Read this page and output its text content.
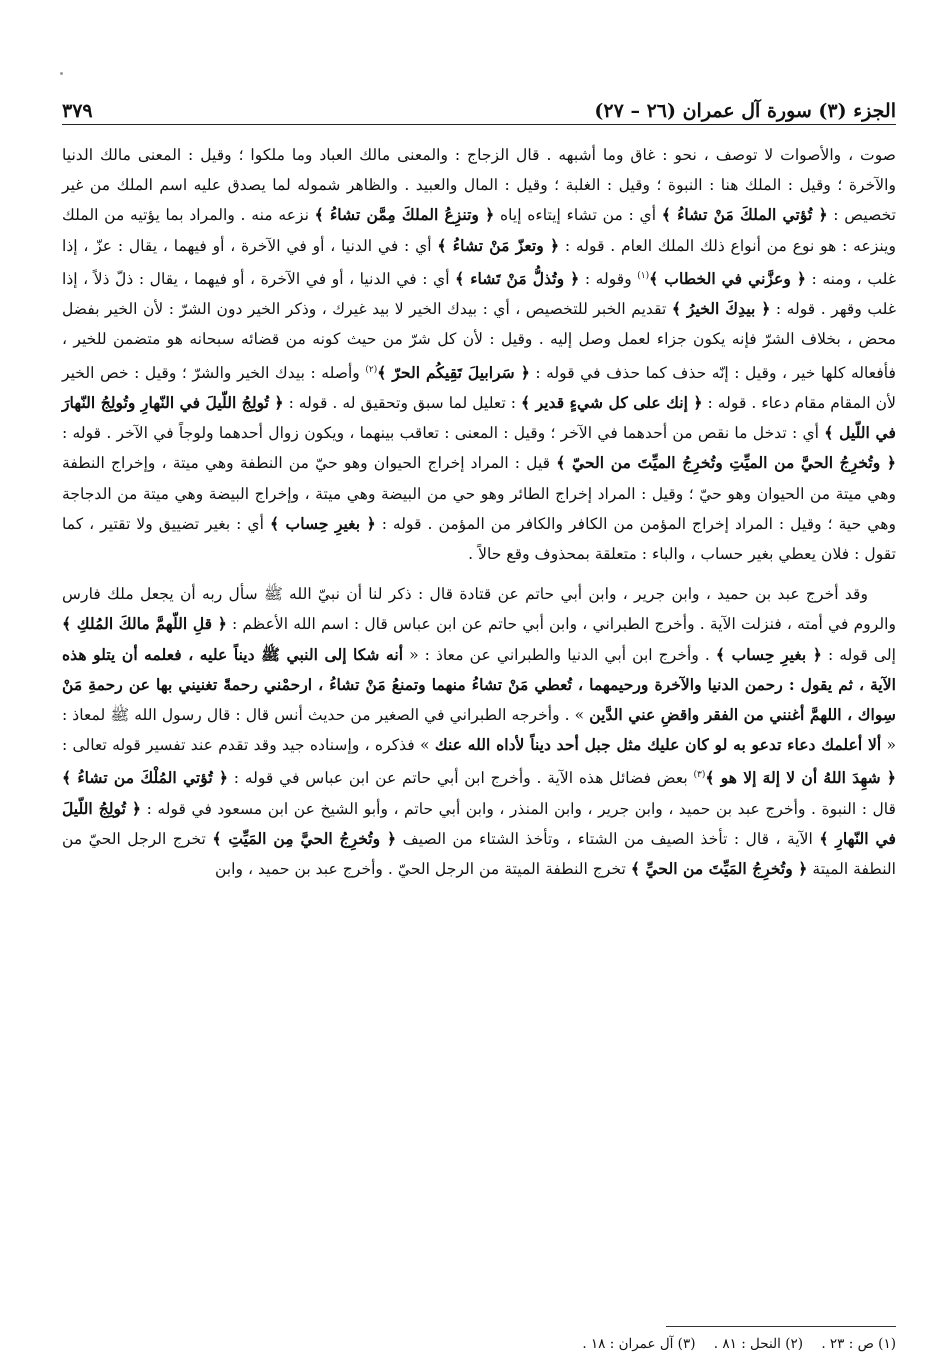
الجزء (٣) سورة آل عمران (٢٦ – ٢٧)
٣٧٩

صوت ، والأصوات لا توصف ، نحو : غاق وما أشبهه . قال الزجاج : والمعنى مالك العباد وما ملكوا ؛ وقيل : المعنى مالك الدنيا والآخرة ؛ وقيل : الملك هنا : النبوة ؛ وقيل : الغلبة ؛ وقيل : المال والعبيد . والظاهر شموله لما يصدق عليه اسم الملك من غير تخصيص : ﴿ تُؤتي الملكَ مَنْ تشاءُ ﴾ أي : من تشاء إيتاءه إياه ﴿ وتنزِعُ الملكَ مِمَّن تشاءُ ﴾ نزعه منه . والمراد بما يؤتيه من الملك وينزعه : هو نوع من أنواع ذلك الملك العام . قوله : ﴿ وتعزّ مَنْ تشاءُ ﴾ أي : في الدنيا ، أو في الآخرة ، أو فيهما ، يقال : عزّ ، إذا غلب ، ومنه : ﴿ وعزَّني في الخطاب ﴾$^{(١)}$ وقوله : ﴿ وتُذلُّ مَنْ تَشاء ﴾ أي : في الدنيا ، أو في الآخرة ، أو فيهما ، يقال : ذلّ ذلاً ، إذا غلب وقهر . قوله : ﴿ بيدِكَ الخيرُ ﴾ تقديم الخبر للتخصيص ، أي : بيدك الخير لا بيد غيرك ، وذكر الخير دون الشرّ : لأن الخير بفضل محض ، بخلاف الشرّ فإنه يكون جزاء لعمل وصل إليه . وقيل : لأن كل شرّ من حيث كونه من قضائه سبحانه هو متضمن للخير ، فأفعاله كلها خير ، وقيل : إنّه حذف كما حذف في قوله : ﴿ سَرابيلَ تَقِيكُم الحرّ ﴾$^{(٢)}$ وأصله : بيدك الخير والشرّ ؛ وقيل : خص الخير لأن المقام مقام دعاء . قوله : ﴿ إنك على كل شيءٍ قدير ﴾ : تعليل لما سبق وتحقيق له . قوله : ﴿ تُولِجُ اللّيلَ في النّهارِ وتُولِجُ النّهارَ في اللّيل ﴾ أي : تدخل ما نقص من أحدهما في الآخر ؛ وقيل : المعنى : تعاقب بينهما ، ويكون زوال أحدهما ولوجاً في الآخر . قوله : ﴿ وتُخرِجُ الحيَّ من الميِّتِ وتُخرِجُ الميِّتَ من الحيّ ﴾ قيل : المراد إخراج الحيوان وهو حيّ من النطفة وهي ميتة ، وإخراج النطفة وهي ميتة من الحيوان وهو حيّ ؛ وقيل : المراد إخراج الطائر وهو حي من البيضة وهي ميتة ، وإخراج البيضة وهي ميتة من الدجاجة وهي حية ؛ وقيل : المراد إخراج المؤمن من الكافر والكافر من المؤمن . قوله : ﴿ بغيرِ حِساب ﴾ أي : بغير تضييق ولا تقتير ، كما تقول : فلان يعطي بغير حساب ، والباء : متعلقة بمحذوف وقع حالاً .

وقد أخرج عبد بن حميد ، وابن جرير ، وابن أبي حاتم عن قتادة قال : ذكر لنا أن نبيّ الله ﷺ سأل ربه أن يجعل ملك فارس والروم في أمته ، فنزلت الآية . وأخرج الطبراني ، وابن أبي حاتم عن ابن عباس قال : اسم الله الأعظم : ﴿ قلِ اللّهمَّ مالكَ المُلكِ ﴾ إلى قوله : ﴿ بغيرِ حِساب ﴾ . وأخرج ابن أبي الدنيا والطبراني عن معاذ : « أنه شكا إلى النبي ﷺ ديناً عليه ، فعلمه أن يتلو هذه الآية ، ثم يقول : رحمن الدنيا والآخرة ورحيمهما ، تُعطي مَنْ تشاءُ منهما وتمنعُ مَنْ تشاءُ ، ارحمْني رحمةً تغنيني بها عن رحمةِ مَنْ سِواك ، اللهمَّ أغنني من الفقر واقضِ عني الدَّين » . وأخرجه الطبراني في الصغير من حديث أنس قال : قال رسول الله ﷺ لمعاذ : « ألا أعلمك دعاء تدعو به لو كان عليك مثل جبل أحد ديناً لأداه الله عنك » فذكره ، وإسناده جيد وقد تقدم عند تفسير قوله تعالى : ﴿ شهِدَ اللهُ أن لا إلهَ إلا هو ﴾$^{(٣)}$ بعض فضائل هذه الآية . وأخرج ابن أبي حاتم عن ابن عباس في قوله : ﴿ تُؤتي المُلْكَ من تشاءُ ﴾ قال : النبوة . وأخرج عبد بن حميد ، وابن جرير ، وابن المنذر ، وابن أبي حاتم ، وأبو الشيخ عن ابن مسعود في قوله : ﴿ تُولِجُ اللّيلَ في النّهارِ ﴾ الآية ، قال : تأخذ الصيف من الشتاء ، وتأخذ الشتاء من الصيف ﴿ وتُخرِجُ الحيَّ مِن المَيِّتِ ﴾ تخرج الرجل الحيّ من النطفة الميتة ﴿ وتُخرِجُ المَيِّتَ من الحيِّ ﴾ تخرج النطفة الميتة من الرجل الحيّ . وأخرج عبد بن حميد ، وابن

(١) ص : ٢٣ . (٢) النحل : ٨١ . (٣) آل عمران : ١٨ .
